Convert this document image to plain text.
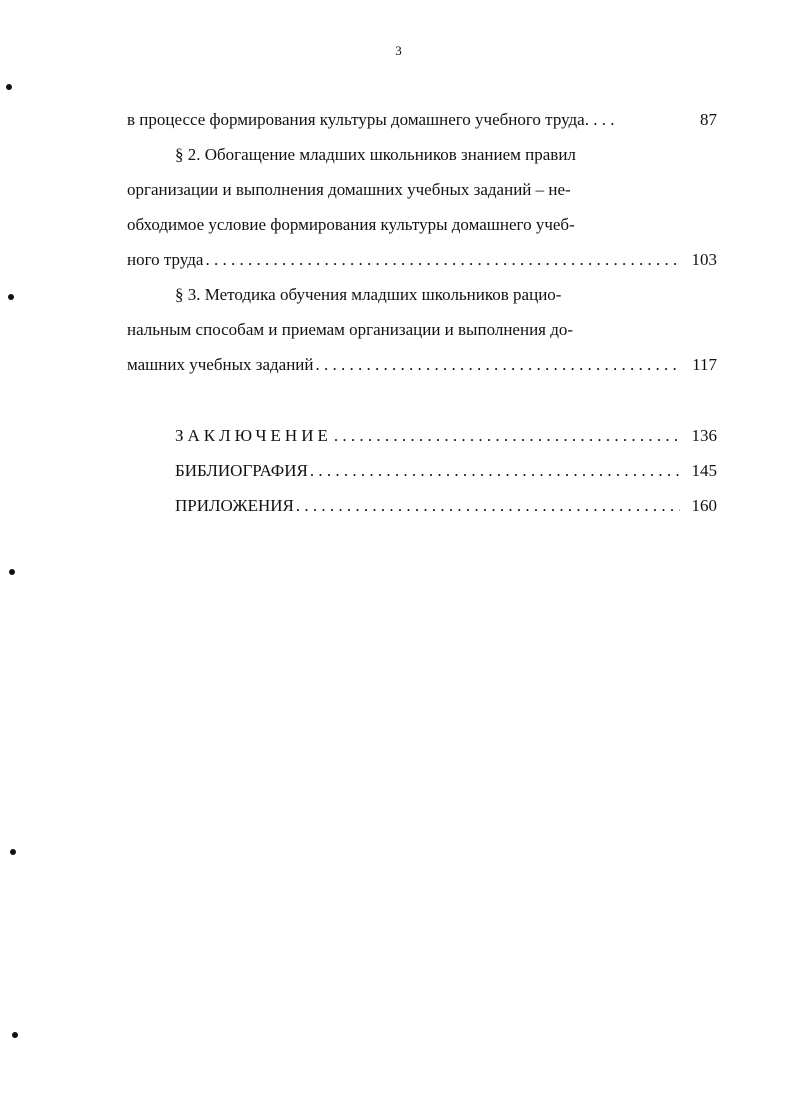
3
в процессе формирования культуры домашнего учебного труда. . . .	87
§ 2. Обогащение младших школьников знанием правил
организации и выполнения домашних учебных заданий – не-
обходимое условие формирования культуры домашнего учеб-
ного труда . . .	103
§ 3. Методика обучения младших школьников рацио-
нальным способам и приемам организации и выполнения до-
машних учебных заданий . . .	117
ЗАКЛЮЧЕНИЕ . . .	136
БИБЛИОГРАФИЯ . . .	145
ПРИЛОЖЕНИЯ . . .	160
